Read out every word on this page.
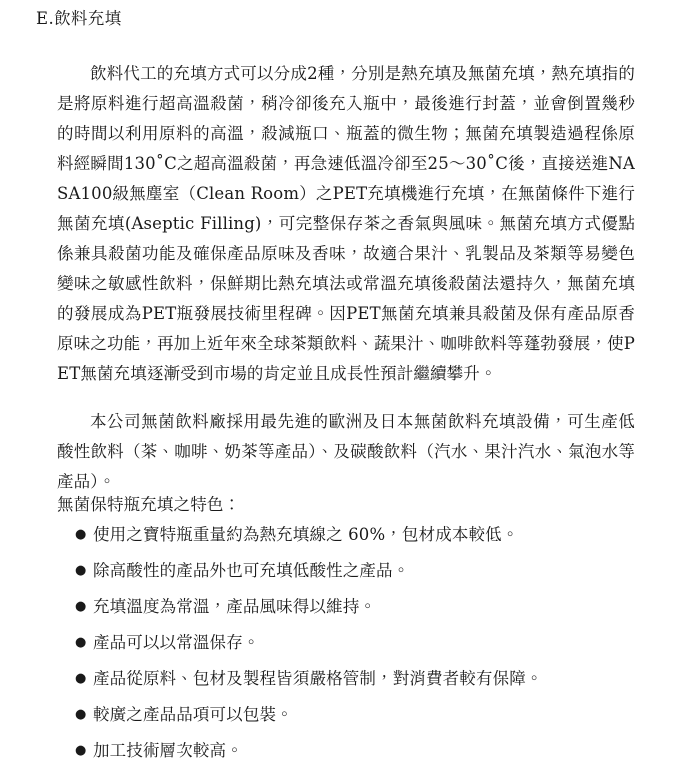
E.飲料充填

飲料代工的充填方式可以分成2種，分別是熱充填及無菌充填，熱充填指的是將原料進行超高溫殺菌，稍冷卻後充入瓶中，最後進行封蓋，並會倒置幾秒的時間以利用原料的高溫，殺減瓶口、瓶蓋的微生物；無菌充填製造過程係原料經瞬間130˚C之超高溫殺菌，再急速低溫冷卻至25～30˚C後，直接送進NASA100級無塵室（Clean Room）之PET充填機進行充填，在無菌條件下進行無菌充填(Aseptic Filling)，可完整保存茶之香氣與風味。無菌充填方式優點係兼具殺菌功能及確保產品原味及香味，故適合果汁、乳製品及茶類等易變色變味之敏感性飲料，保鮮期比熱充填法或常溫充填後殺菌法還持久，無菌充填的發展成為PET瓶發展技術里程碑。因PET無菌充填兼具殺菌及保有產品原香原味之功能，再加上近年來全球茶類飲料、蔬果汁、咖啡飲料等蓬勃發展，使PET無菌充填逐漸受到市場的肯定並且成長性預計繼續攀升。

本公司無菌飲料廠採用最先進的歐洲及日本無菌飲料充填設備，可生產低酸性飲料（茶、咖啡、奶茶等產品）、及碳酸飲料（汽水、果汁汽水、氣泡水等產品）。

無菌保特瓶充填之特色：
● 使用之寶特瓶重量約為熱充填線之 60%，包材成本較低。
● 除高酸性的產品外也可充填低酸性之產品。
● 充填溫度為常溫，產品風味得以維持。
● 產品可以以常溫保存。
● 產品從原料、包材及製程皆須嚴格管制，對消費者較有保障。
● 較廣之產品品項可以包裝。
● 加工技術層次較高。
